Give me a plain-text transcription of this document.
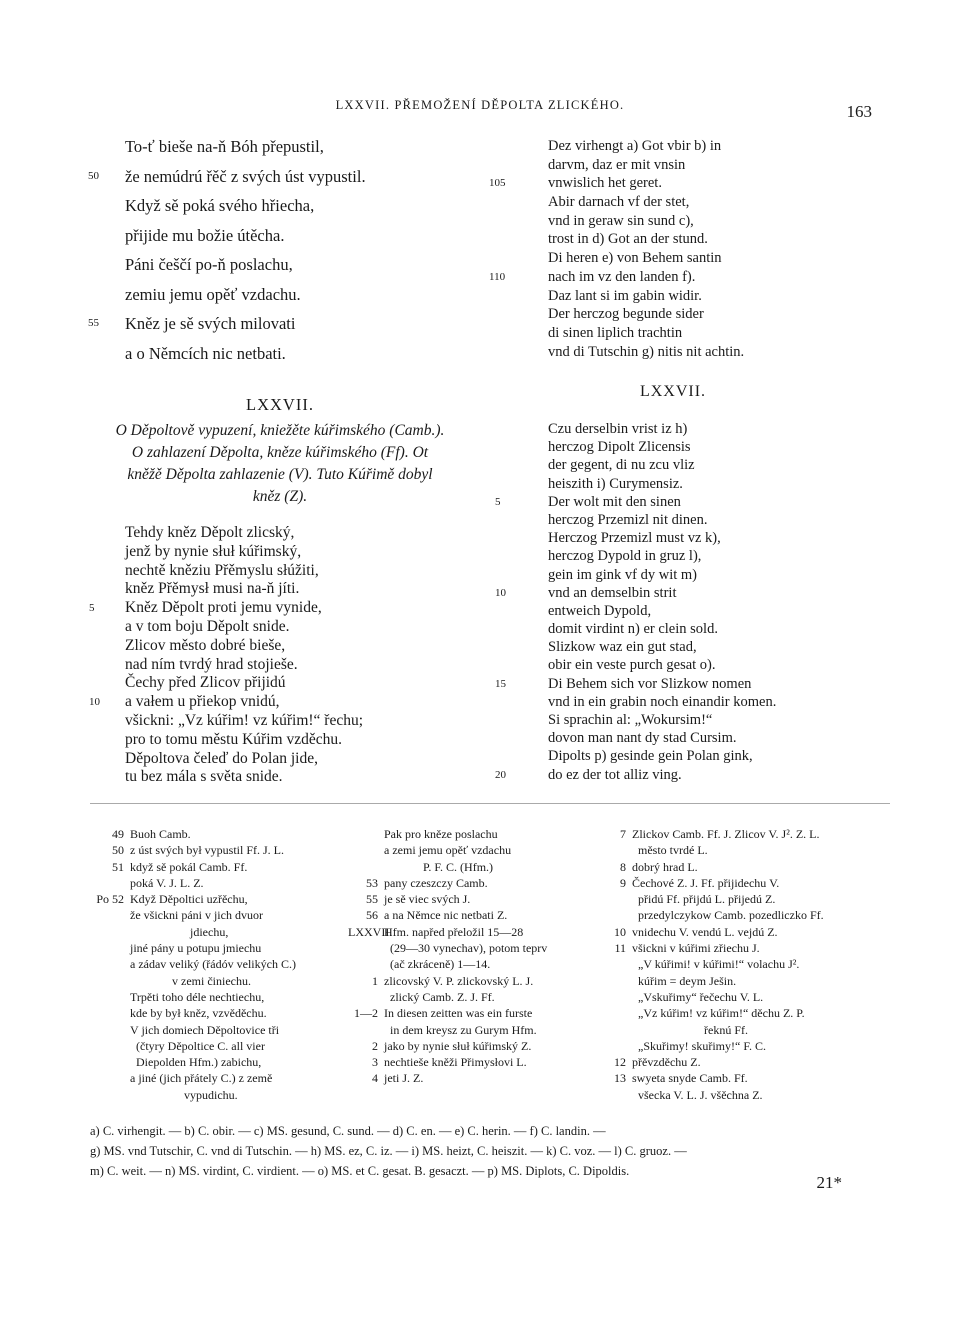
LXXVII. PŘEMOŽENÍ DĚPOLTA ZLICKÉHO.	163
To-ť bieše na-ň Bóh přepustil,
50 že nemúdrú řěč z svých úst vypustil.
Když sě poká svého hřiecha,
přijide mu božie útěcha.
Páni češčí po-ň poslachu,
zemiu jemu opěť vzdachu.
55 Kněz je sě svých milovati
a o Němcích nic netbati.
LXXVII.
O Děpoltově vypuzení, kniežěte kúřimského (Camb.).
O zahlazení Děpolta, kněze kúřimského (Ff). Ot
kněžě Děpolta zahlazenie (V). Tuto Kúřimě dobyl
kněz (Z).
Tehdy kněz Děpolt zlicský,
jenž by nynie słuł kúřimský,
nechtě kněziu Přěmyslu słúžiti,
kněz Přěmysł musi na-ň jíti.
5 Kněz Děpolt proti jemu vynide,
a v tom boju Děpolt snide.
Zlicov město dobré bieše,
nad ním tvrdý hrad stojieše.
Čechy před Zlicov přijidú
10 a vałem u přiekop vnidú,
všickni: „Vz kúřim! vz kúřim!“ řechu;
pro to tomu městu Kúřim vzděchu.
Děpoltova čeleď do Polan jide,
tu bez mála s světa snide.
Dez virhengt a) Got vbir b) in
darvm, daz er mit vnsin
105	vnwislich het geret.
Abir darnach vf der stet,
vnd in geraw sin sund c),
trost in d) Got an der stund.
Di heren e) von Behem santin
110	nach im vz den landen f).
Daz lant si im gabin widir.
Der herczog begunde sider
di sinen liplich trachtin
vnd di Tutschin g) nitis nit achtin.
LXXVII.
Czu derselbin vrist iz h)
herczog Dipolt Zlicensis
der gegent, di nu zcu vliz
heiszith i) Curymensiz.
5	Der wolt mit den sinen
herczog Przemizl nit dinen.
Herczog Przemizl must vz k),
herczog Dypold in gruz l),
gein im gink vf dy wit m)
10	vnd an demselbin strit
entweich Dypold,
domit virdint n) er clein sold.
Slizkow waz ein gut stad,
obir ein veste purch gesat o).
15	Di Behem sich vor Slizkow nomen
vnd in ein grabin noch einandir komen.
Si sprachin al: „Wokursim!“
dovon man nant dy stad Cursim.
Dipolts p) gesinde gein Polan gink,
20	do ez der tot alliz ving.
49 Buoh Camb.
50 z úst svých był vypustil Ff. J. L.
51 když sě pokál Camb. Ff.
poká V. J. L. Z.
Po 52 Když Děpoltici uzřěchu,
že všickni páni v jich dvuor
jdiechu,
jiné pány u potupu jmiechu
a zádav veliký (řádóv velikých C.)
v zemi činiechu.
Trpěti toho déle nechtiechu,
kde by był kněz, vzvěděchu.
V jich domiech Děpoltovice tři
(čtyry Děpoltice C. all vier
Diepolden Hfm.) zabichu,
a jiné (jich přátely C.) z země
vypudichu.
Pak pro kněze poslachu
a zemi jemu opěť vzdachu
P. F. C. (Hfm.)
53 pany czeszczy Camb.
55 je sě viec svých J.
56 a na Němce nic netbati Z.
LXXVII.Hfm. napřed přeložil 15—28
(29—30 vynechav), potom teprv
(ač zkráceně) 1—14.
1 zlicovský V. P. zlickovský L. J.
zlický Camb. Z. J. Ff.
1—2 In diesen zeitten was ein furste
in dem kreysz zu Gurym Hfm.
2 jako by nynie słuł kúřimský Z.
3 nechtieše kněži Přimysłovi L.
4 jeti J. Z.
7 Zlickov Camb. Ff. J. Zlicov V. J². Z. L.
město tvrdé L.
8 dobrý hrad L.
9 Čechové Z. J. Ff. přijidechu V.
přidú Ff. přijdú L. přijedú Z.
przedylczykow Camb. pozedliczko Ff.
10 vnidechu V. vendú L. vejdú Z.
11 všickni v kúřimi zřiechu J.
„V kúřimi! v kúřimi!“ volachu J².
kúřim = deym Ješin.
„Vskuřimy“ řečechu V. L.
„Vz kúřim! vz kúřim!“ děchu Z. P.
řeknú Ff.
„Skuřimy! skuřimy!“ F. C.
12 přěvzděchu Z.
13 swyeta snyde Camb. Ff.
všecka V. L. J. všěchna Z.
a) C. virhengit. — b) C. obir. — c) MS. gesund, C. sund. — d) C. en. — e) C. herin. — f) C. landin. —
g) MS. vnd Tutschir, C. vnd di Tutschin. — h) MS. ez, C. iz. — i) MS. heizt, C. heiszit. — k) C. voz. — l) C. gruoz. —
m) C. weit. — n) MS. virdint, C. virdient. — o) MS. et C. gesat. B. gesaczt. — p) MS. Diplots, C. Dipoldis.
21*
